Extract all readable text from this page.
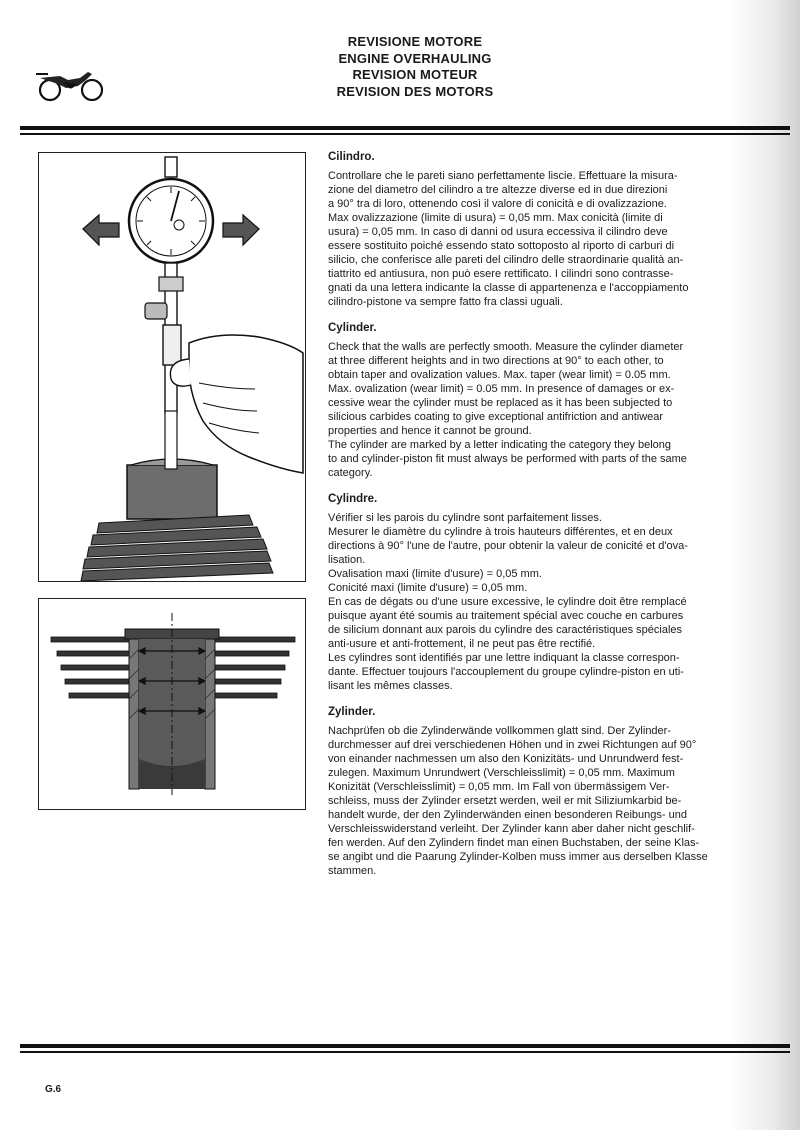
REVISIONE MOTORE
ENGINE OVERHAULING
REVISION MOTEUR
REVISION DES MOTORS
Cilindro.

Controllare che le pareti siano perfettamente liscie. Effettuare la misura-
zione del diametro del cilindro a tre altezze diverse ed in due direzioni
a 90° tra di loro, ottenendo così il valore di conicità e di ovalizzazione.
Max ovalizzazione (limite di usura) = 0,05 mm. Max conicità (limite di
usura) = 0,05 mm. In caso di danni od usura eccessiva il cilindro deve
essere sostituito poiché essendo stato sottoposto al riporto di carburi di
silicio, che conferisce alle pareti del cilindro delle straordinarie qualità an-
tiattrito ed antiusura, non può esere rettificato. I cilindri sono contrasse-
gnati da una lettera indicante la classe di appartenenza e l'accoppiamento
cilindro-pistone va sempre fatto fra classi uguali.

Cylinder.

Check that the walls are perfectly smooth. Measure the cylinder diameter
at three different heights and in two directions at 90° to each other, to
obtain taper and ovalization values. Max. taper (wear limit) = 0.05 mm.
Max. ovalization (wear limit) = 0.05 mm. In presence of damages or ex-
cessive wear the cylinder must be replaced as it has been subjected to
silicious carbides coating to give exceptional antifriction and antiwear
properties and hence it cannot be ground.
The cylinder are marked by a letter indicating the category they belong
to and cylinder-piston fit must always be performed with parts of the same
category.

Cylindre.

Vérifier si les parois du cylindre sont parfaitement lisses.
Mesurer le diamètre du cylindre à trois hauteurs différentes, et en deux
directions à 90° l'une de l'autre, pour obtenir la valeur de conicité et d'ova-
lisation.
Ovalisation maxi (limite d'usure) = 0,05 mm.
Conicité maxi (limite d'usure) = 0,05 mm.
En cas de dégats ou d'une usure excessive, le cylindre doit être remplacé
puisque ayant été soumis au traitement spécial avec couche en carbures
de silicium donnant aux parois du cylindre des caractéristiques spéciales
anti-usure et anti-frottement, il ne peut pas être rectifié.
Les cylindres sont identifiés par une lettre indiquant la classe correspon-
dante. Effectuer toujours l'accouplement du groupe cylindre-piston en uti-
lisant les mêmes classes.

Zylinder.

Nachprüfen ob die Zylinderwände vollkommen glatt sind. Der Zylinder-
durchmesser auf drei verschiedenen Höhen und in zwei Richtungen auf 90°
von einander nachmessen um also den Konizitäts- und Unrundwerd fest-
zulegen. Maximum Unrundwert (Verschleisslimit) = 0,05 mm. Maximum
Konizität (Verschleisslimit) = 0,05 mm. Im Fall von übermässigem Ver-
schleiss, muss der Zylinder ersetzt werden, weil er mit Siliziumkarbid be-
handelt wurde, der den Zylinderwänden einen besonderen Reibungs- und
Verschleisswiderstand verleiht. Der Zylinder kann aber daher nicht geschlif-
fen werden. Auf den Zylindern findet man einen Buchstaben, der seine Klas-
se angibt und die Paarung Zylinder-Kolben muss immer aus derselben Klasse
stammen.

G.6
